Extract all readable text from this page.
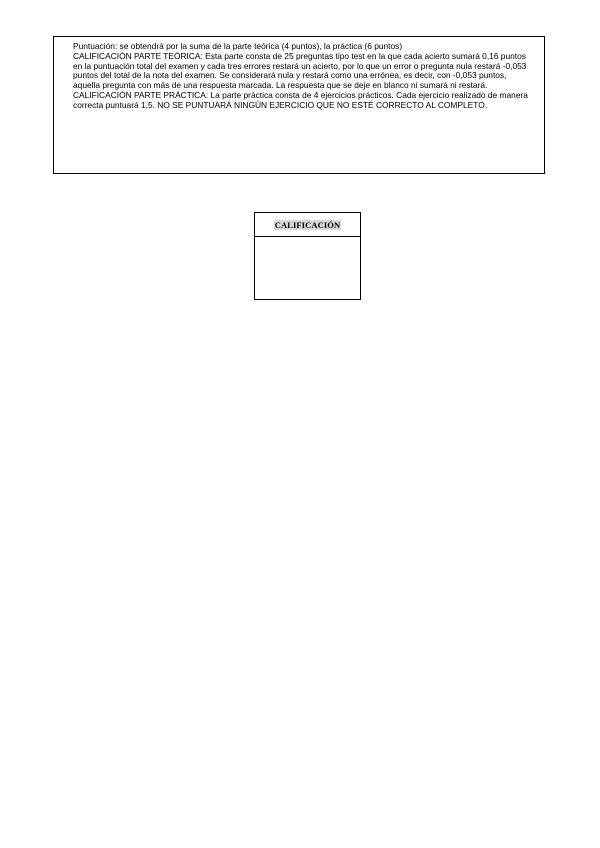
Puntuación: se obtendrá por la suma de la parte teórica (4 puntos), la práctica (6 puntos)

CALIFICACIÓN PARTE TEÓRICA: Esta parte consta de 25 preguntas tipo test en la que cada acierto sumará 0,16 puntos en la puntuación total del examen y cada tres errores restará un acierto, por lo que un error o pregunta nula restará -0,053 puntos del total de la nota del examen. Se considerará nula y restará como una errónea, es decir, con -0,053 puntos, aquella pregunta con más de una respuesta marcada. La respuesta que se deje en blanco ni sumará ni restará.

CALIFICACIÓN PARTE PRÁCTICA: La parte práctica consta de 4 ejercicios prácticos. Cada ejercicio realizado de manera correcta puntuará 1,5. NO SE PUNTUARÁ NINGÚN EJERCICIO QUE NO ESTÉ CORRECTO AL COMPLETO.

CALIFICACIÓN
